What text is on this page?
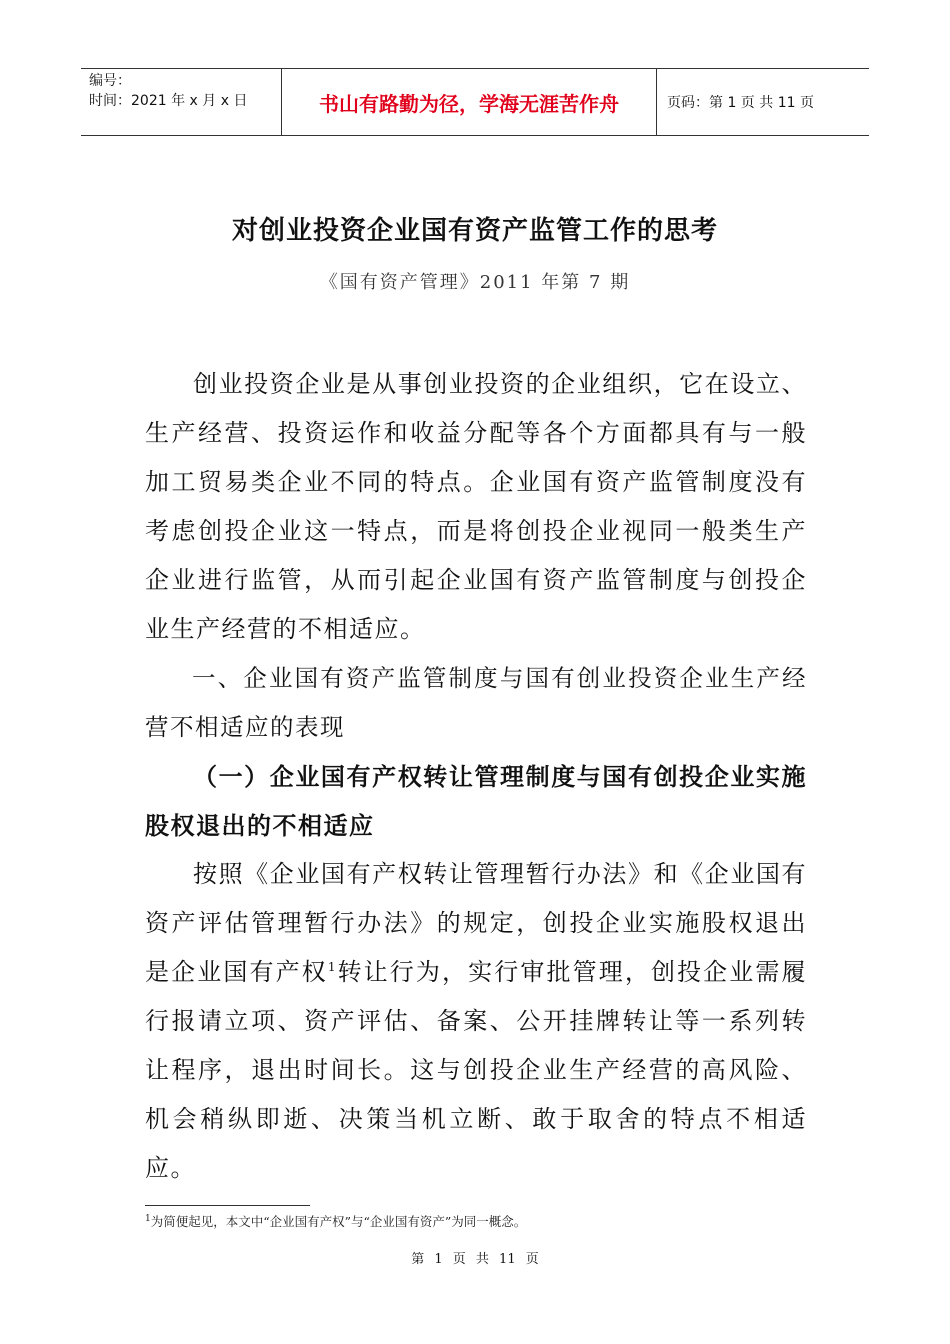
编号：
时间：2021 年 x 月 x 日	书山有路勤为径，学海无涯苦作舟	页码：第 1 页 共 11 页
对创业投资企业国有资产监管工作的思考
《国有资产管理》2011 年第 7 期

创业投资企业是从事创业投资的企业组织，它在设立、生产经营、投资运作和收益分配等各个方面都具有与一般加工贸易类企业不同的特点。企业国有资产监管制度没有考虑创投企业这一特点，而是将创投企业视同一般类生产企业进行监管，从而引起企业国有资产监管制度与创投企业生产经营的不相适应。

一、企业国有资产监管制度与国有创业投资企业生产经营不相适应的表现

（一）企业国有产权转让管理制度与国有创投企业实施股权退出的不相适应

按照《企业国有产权转让管理暂行办法》和《企业国有资产评估管理暂行办法》的规定，创投企业实施股权退出是企业国有产权$^1$转让行为，实行审批管理，创投企业需履行报请立项、资产评估、备案、公开挂牌转让等一系列转让程序，退出时间长。这与创投企业生产经营的高风险、机会稍纵即逝、决策当机立断、敢于取舍的特点不相适应。

$^1$为简便起见，本文中“企业国有产权”与“企业国有资产”为同一概念。
第 1 页 共 11 页
